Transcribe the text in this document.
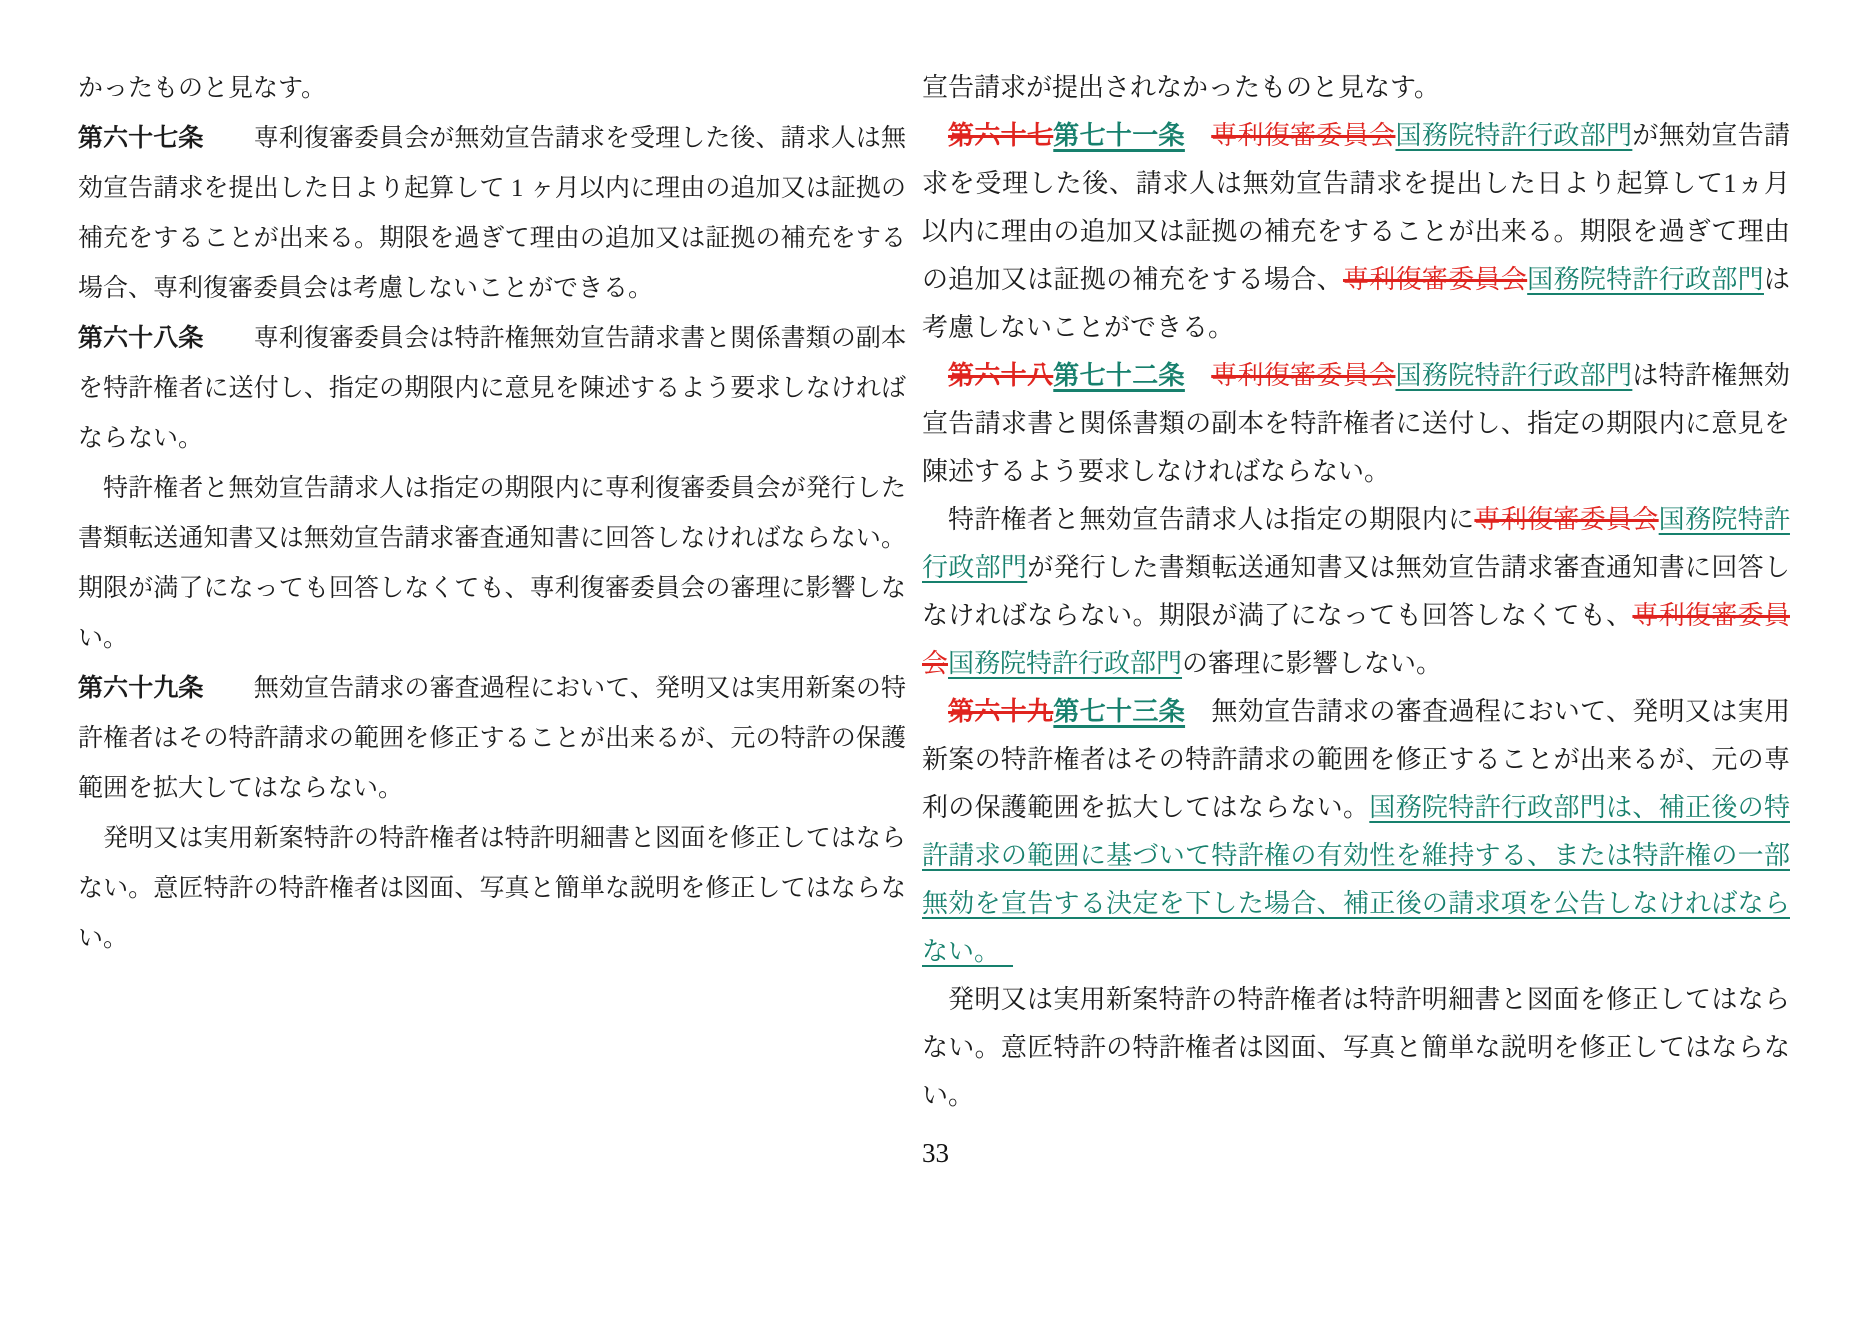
かったものと見なす。

第六十七条　　 専利復審委員会が無効宣告請求を受理した後、請求人は無効宣告請求を提出した日より起算して 1 ヶ月以内に理由の追加又は証拠の補充をすることが出来る。期限を過ぎて理由の追加又は証拠の補充をする場合、専利復審委員会は考慮しないことができる。

第六十八条　　 専利復審委員会は特許権無効宣告請求書と関係書類の副本を特許権者に送付し、指定の期限内に意見を陳述するよう要求しなければならない。

特許権者と無効宣告請求人は指定の期限内に専利復審委員会が発行した書類転送通知書又は無効宣告請求審査通知書に回答しなければならない。期限が満了になっても回答しなくても、専利復審委員会の審理に影響しない。

第六十九条　　 無効宣告請求の審査過程において、発明又は実用新案の特許権者はその特許請求の範囲を修正することが出来るが、元の特許の保護範囲を拡大してはならない。

発明又は実用新案特許の特許権者は特許明細書と図面を修正してはならない。意匠特許の特許権者は図面、写真と簡単な説明を修正してはならない。

宣告請求が提出されなかったものと見なす。

第六十七第七十一条　 専利復審委員会国務院特許行政部門が無効宣告請求を受理した後、請求人は無効宣告請求を提出した日より起算して1ヵ月以内に理由の追加又は証拠の補充をすることが出来る。期限を過ぎて理由の追加又は証拠の補充をする場合、専利復審委員会国務院特許行政部門は考慮しないことができる。

第六十八第七十二条　 専利復審委員会国務院特許行政部門は特許権無効宣告請求書と関係書類の副本を特許権者に送付し、指定の期限内に意見を陳述するよう要求しなければならない。

特許権者と無効宣告請求人は指定の期限内に専利復審委員会国務院特許行政部門が発行した書類転送通知書又は無効宣告請求審査通知書に回答しなければならない。期限が満了になっても回答しなくても、専利復審委員会国務院特許行政部門の審理に影響しない。

第六十九第七十三条　 無効宣告請求の審査過程において、発明又は実用新案の特許権者はその特許請求の範囲を修正することが出来るが、元の専利の保護範囲を拡大してはならない。国務院特許行政部門は、補正後の特許請求の範囲に基づいて特許権の有効性を維持する、または特許権の一部無効を宣告する決定を下した場合、補正後の請求項を公告しなければならない。　

発明又は実用新案特許の特許権者は特許明細書と図面を修正してはならない。意匠特許の特許権者は図面、写真と簡単な説明を修正してはならない。

33
